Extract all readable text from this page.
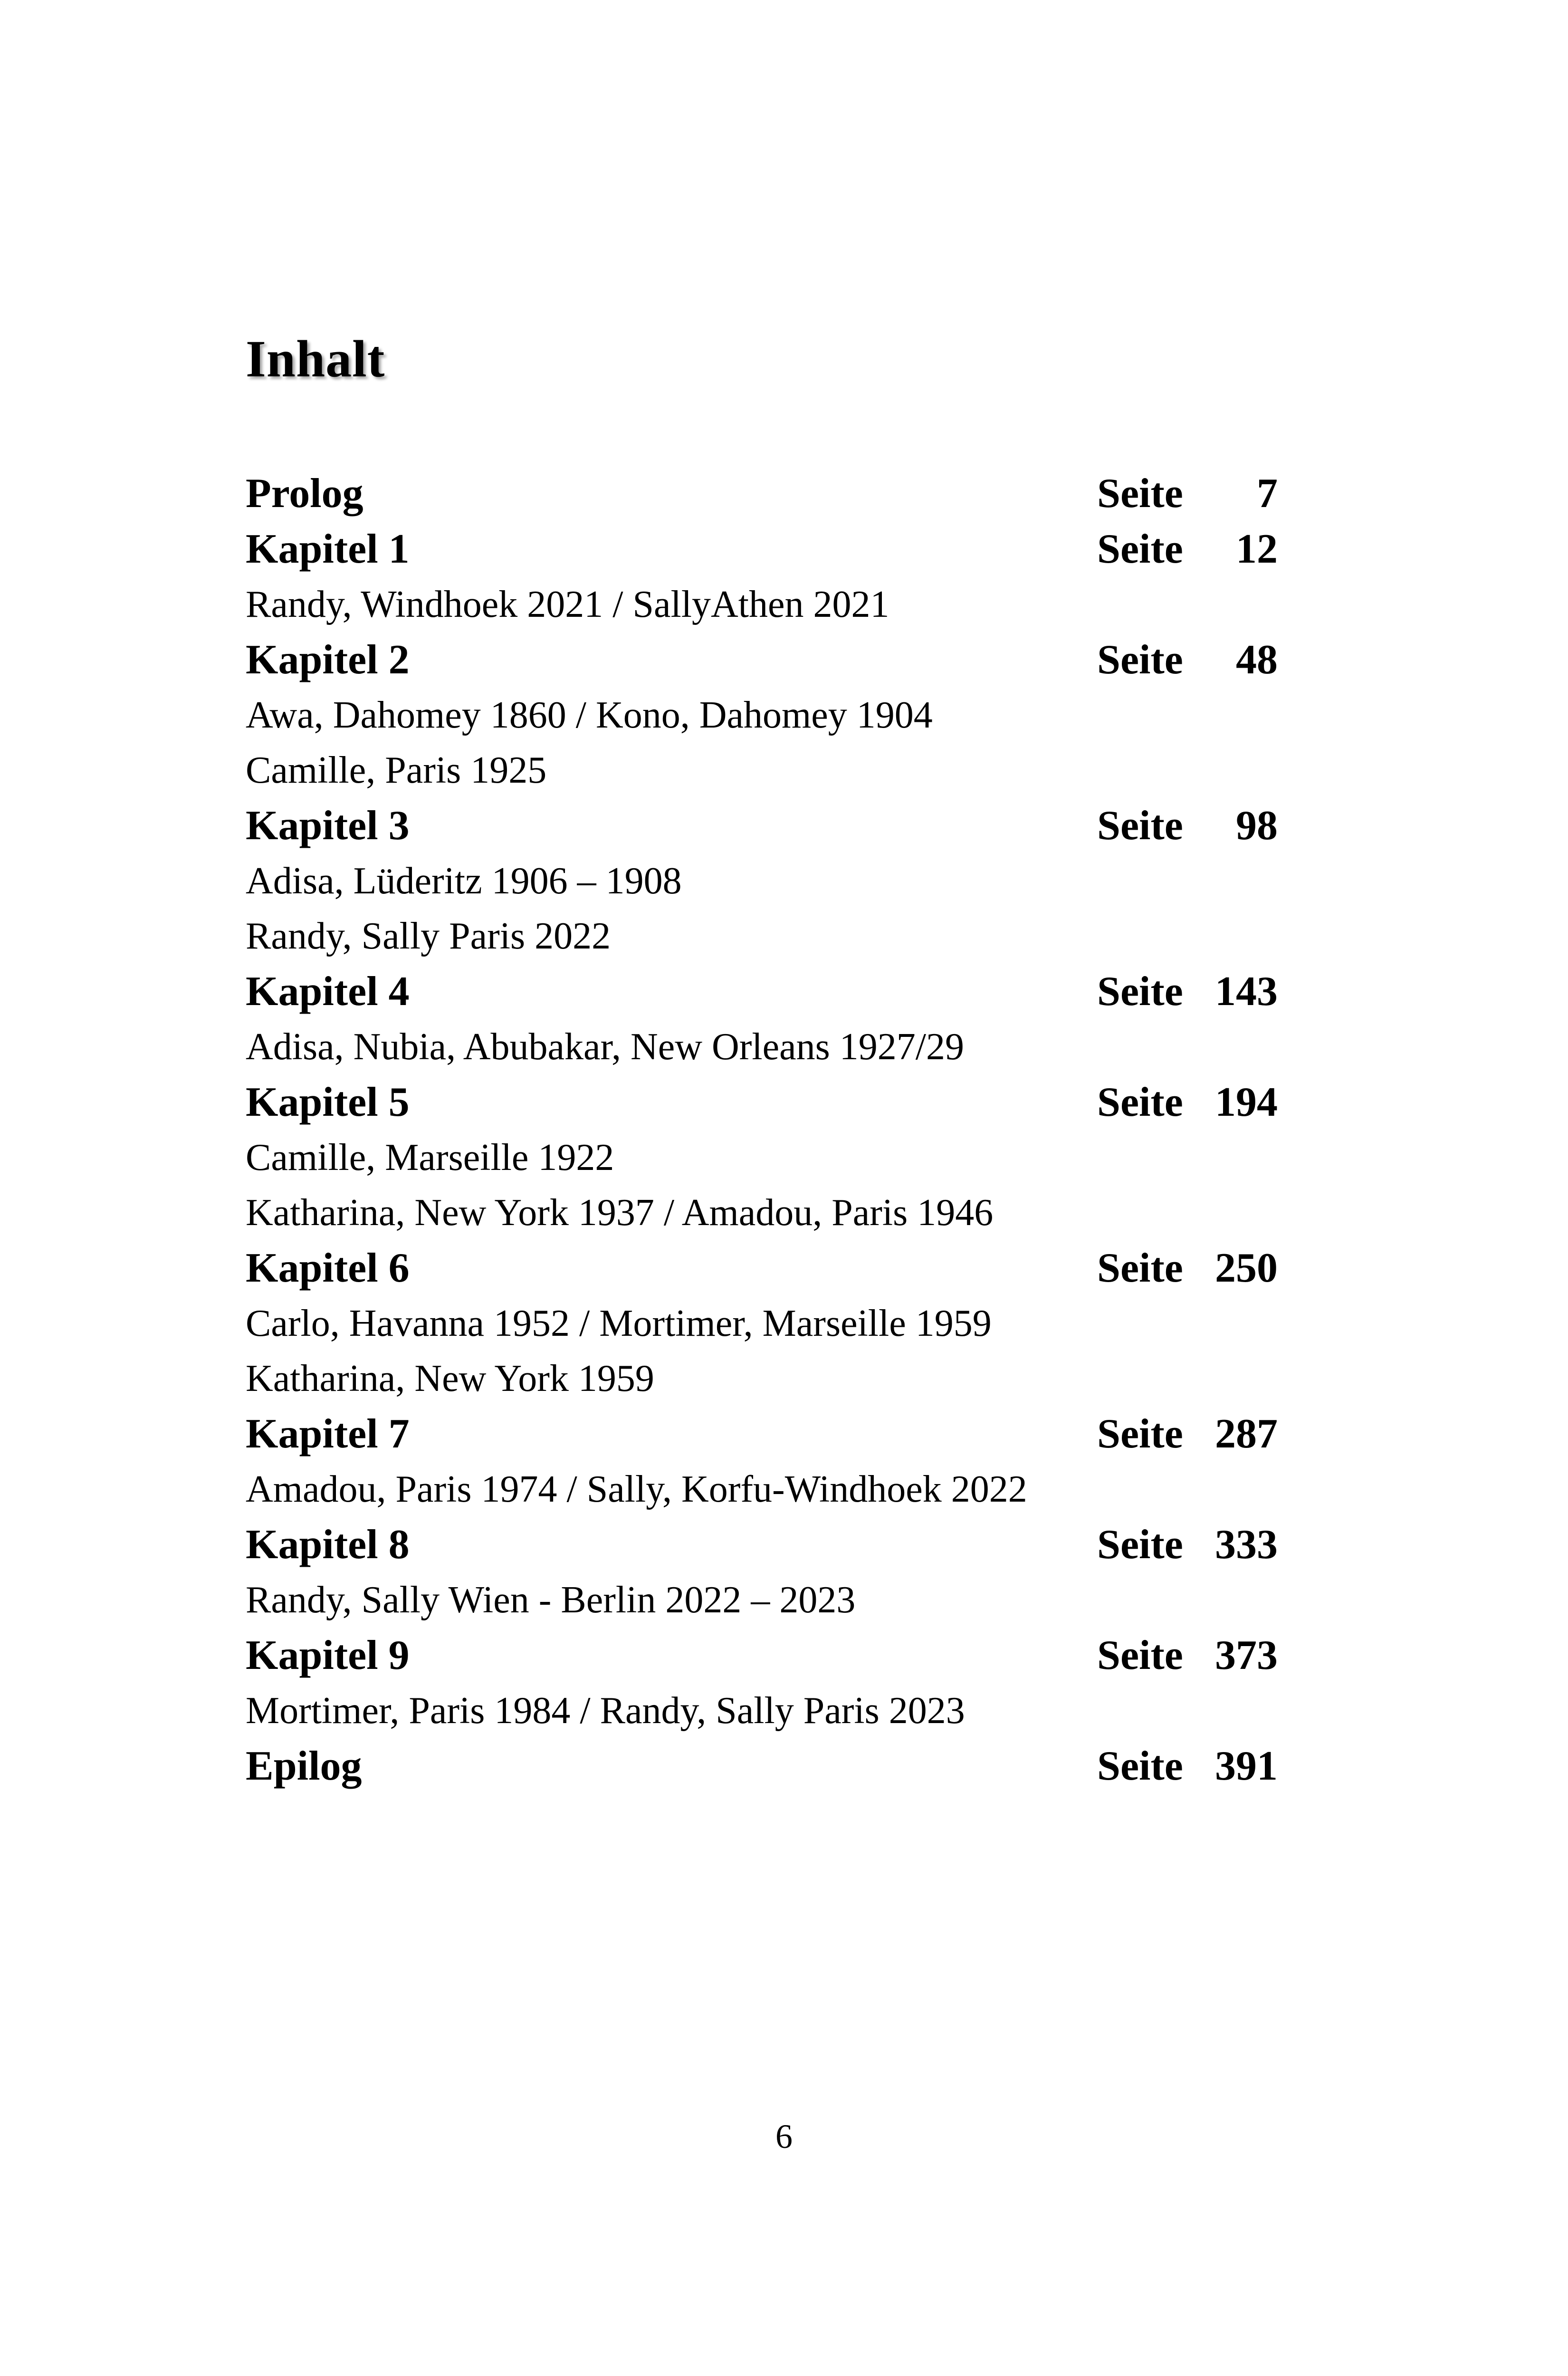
Inhalt
Prolog	Seite	7
Kapitel 1	Seite	12
Randy, Windhoek 2021 / SallyAthen 2021
Kapitel 2	Seite	48
Awa, Dahomey 1860 / Kono, Dahomey 1904
Camille, Paris 1925
Kapitel 3	Seite	98
Adisa, Lüderitz 1906 – 1908
Randy, Sally Paris 2022
Kapitel 4	Seite 143
Adisa, Nubia, Abubakar, New Orleans 1927/29
Kapitel 5	Seite 194
Camille, Marseille 1922
Katharina, New York 1937 / Amadou, Paris 1946
Kapitel 6	Seite 250
Carlo, Havanna 1952 / Mortimer, Marseille 1959
Katharina, New York 1959
Kapitel 7	Seite 287
Amadou, Paris 1974 / Sally, Korfu-Windhoek 2022
Kapitel 8	Seite 333
Randy, Sally Wien - Berlin 2022 – 2023
Kapitel 9	Seite 373
Mortimer, Paris 1984 / Randy, Sally Paris 2023
Epilog	Seite 391
6
